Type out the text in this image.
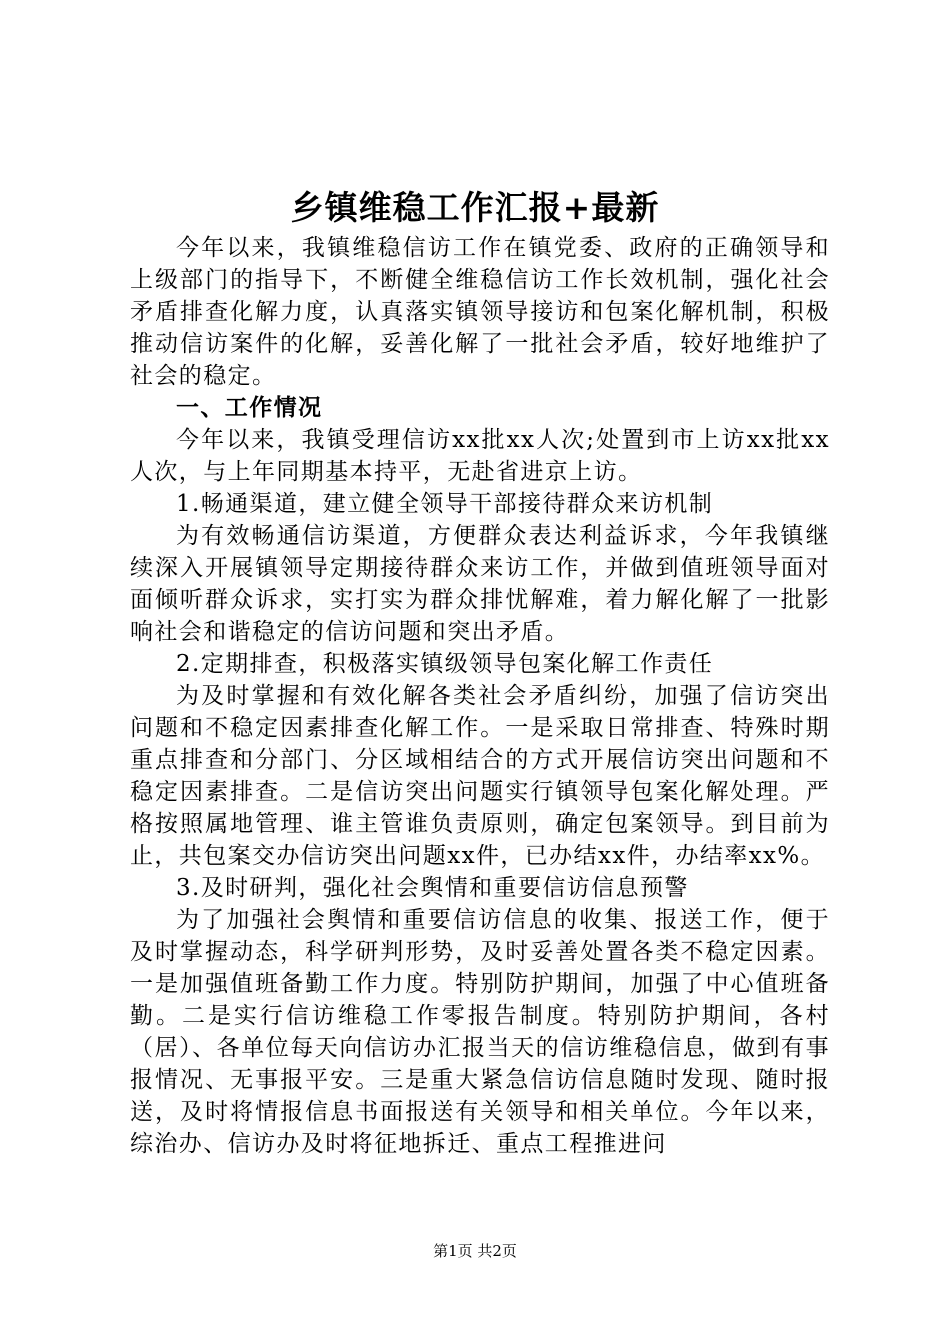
乡镇维稳工作汇报+最新

今年以来，我镇维稳信访工作在镇党委、政府的正确领导和上级部门的指导下，不断健全维稳信访工作长效机制，强化社会矛盾排查化解力度，认真落实镇领导接访和包案化解机制，积极推动信访案件的化解，妥善化解了一批社会矛盾，较好地维护了社会的稳定。

一、工作情况

今年以来，我镇受理信访xx批xx人次;处置到市上访xx批xx人次，与上年同期基本持平，无赴省进京上访。

1.畅通渠道，建立健全领导干部接待群众来访机制

为有效畅通信访渠道，方便群众表达利益诉求，今年我镇继续深入开展镇领导定期接待群众来访工作，并做到值班领导面对面倾听群众诉求，实打实为群众排忧解难，着力解化解了一批影响社会和谐稳定的信访问题和突出矛盾。

2.定期排查，积极落实镇级领导包案化解工作责任

为及时掌握和有效化解各类社会矛盾纠纷，加强了信访突出问题和不稳定因素排查化解工作。一是采取日常排查、特殊时期重点排查和分部门、分区域相结合的方式开展信访突出问题和不稳定因素排查。二是信访突出问题实行镇领导包案化解处理。严格按照属地管理、谁主管谁负责原则，确定包案领导。到目前为止，共包案交办信访突出问题xx件，已办结xx件，办结率xx%。

3.及时研判，强化社会舆情和重要信访信息预警

为了加强社会舆情和重要信访信息的收集、报送工作，便于及时掌握动态，科学研判形势，及时妥善处置各类不稳定因素。一是加强值班备勤工作力度。特别防护期间，加强了中心值班备勤。二是实行信访维稳工作零报告制度。特别防护期间，各村（居）、各单位每天向信访办汇报当天的信访维稳信息，做到有事报情况、无事报平安。三是重大紧急信访信息随时发现、随时报送，及时将情报信息书面报送有关领导和相关单位。今年以来，综治办、信访办及时将征地拆迁、重点工程推进问

第1页 共2页
